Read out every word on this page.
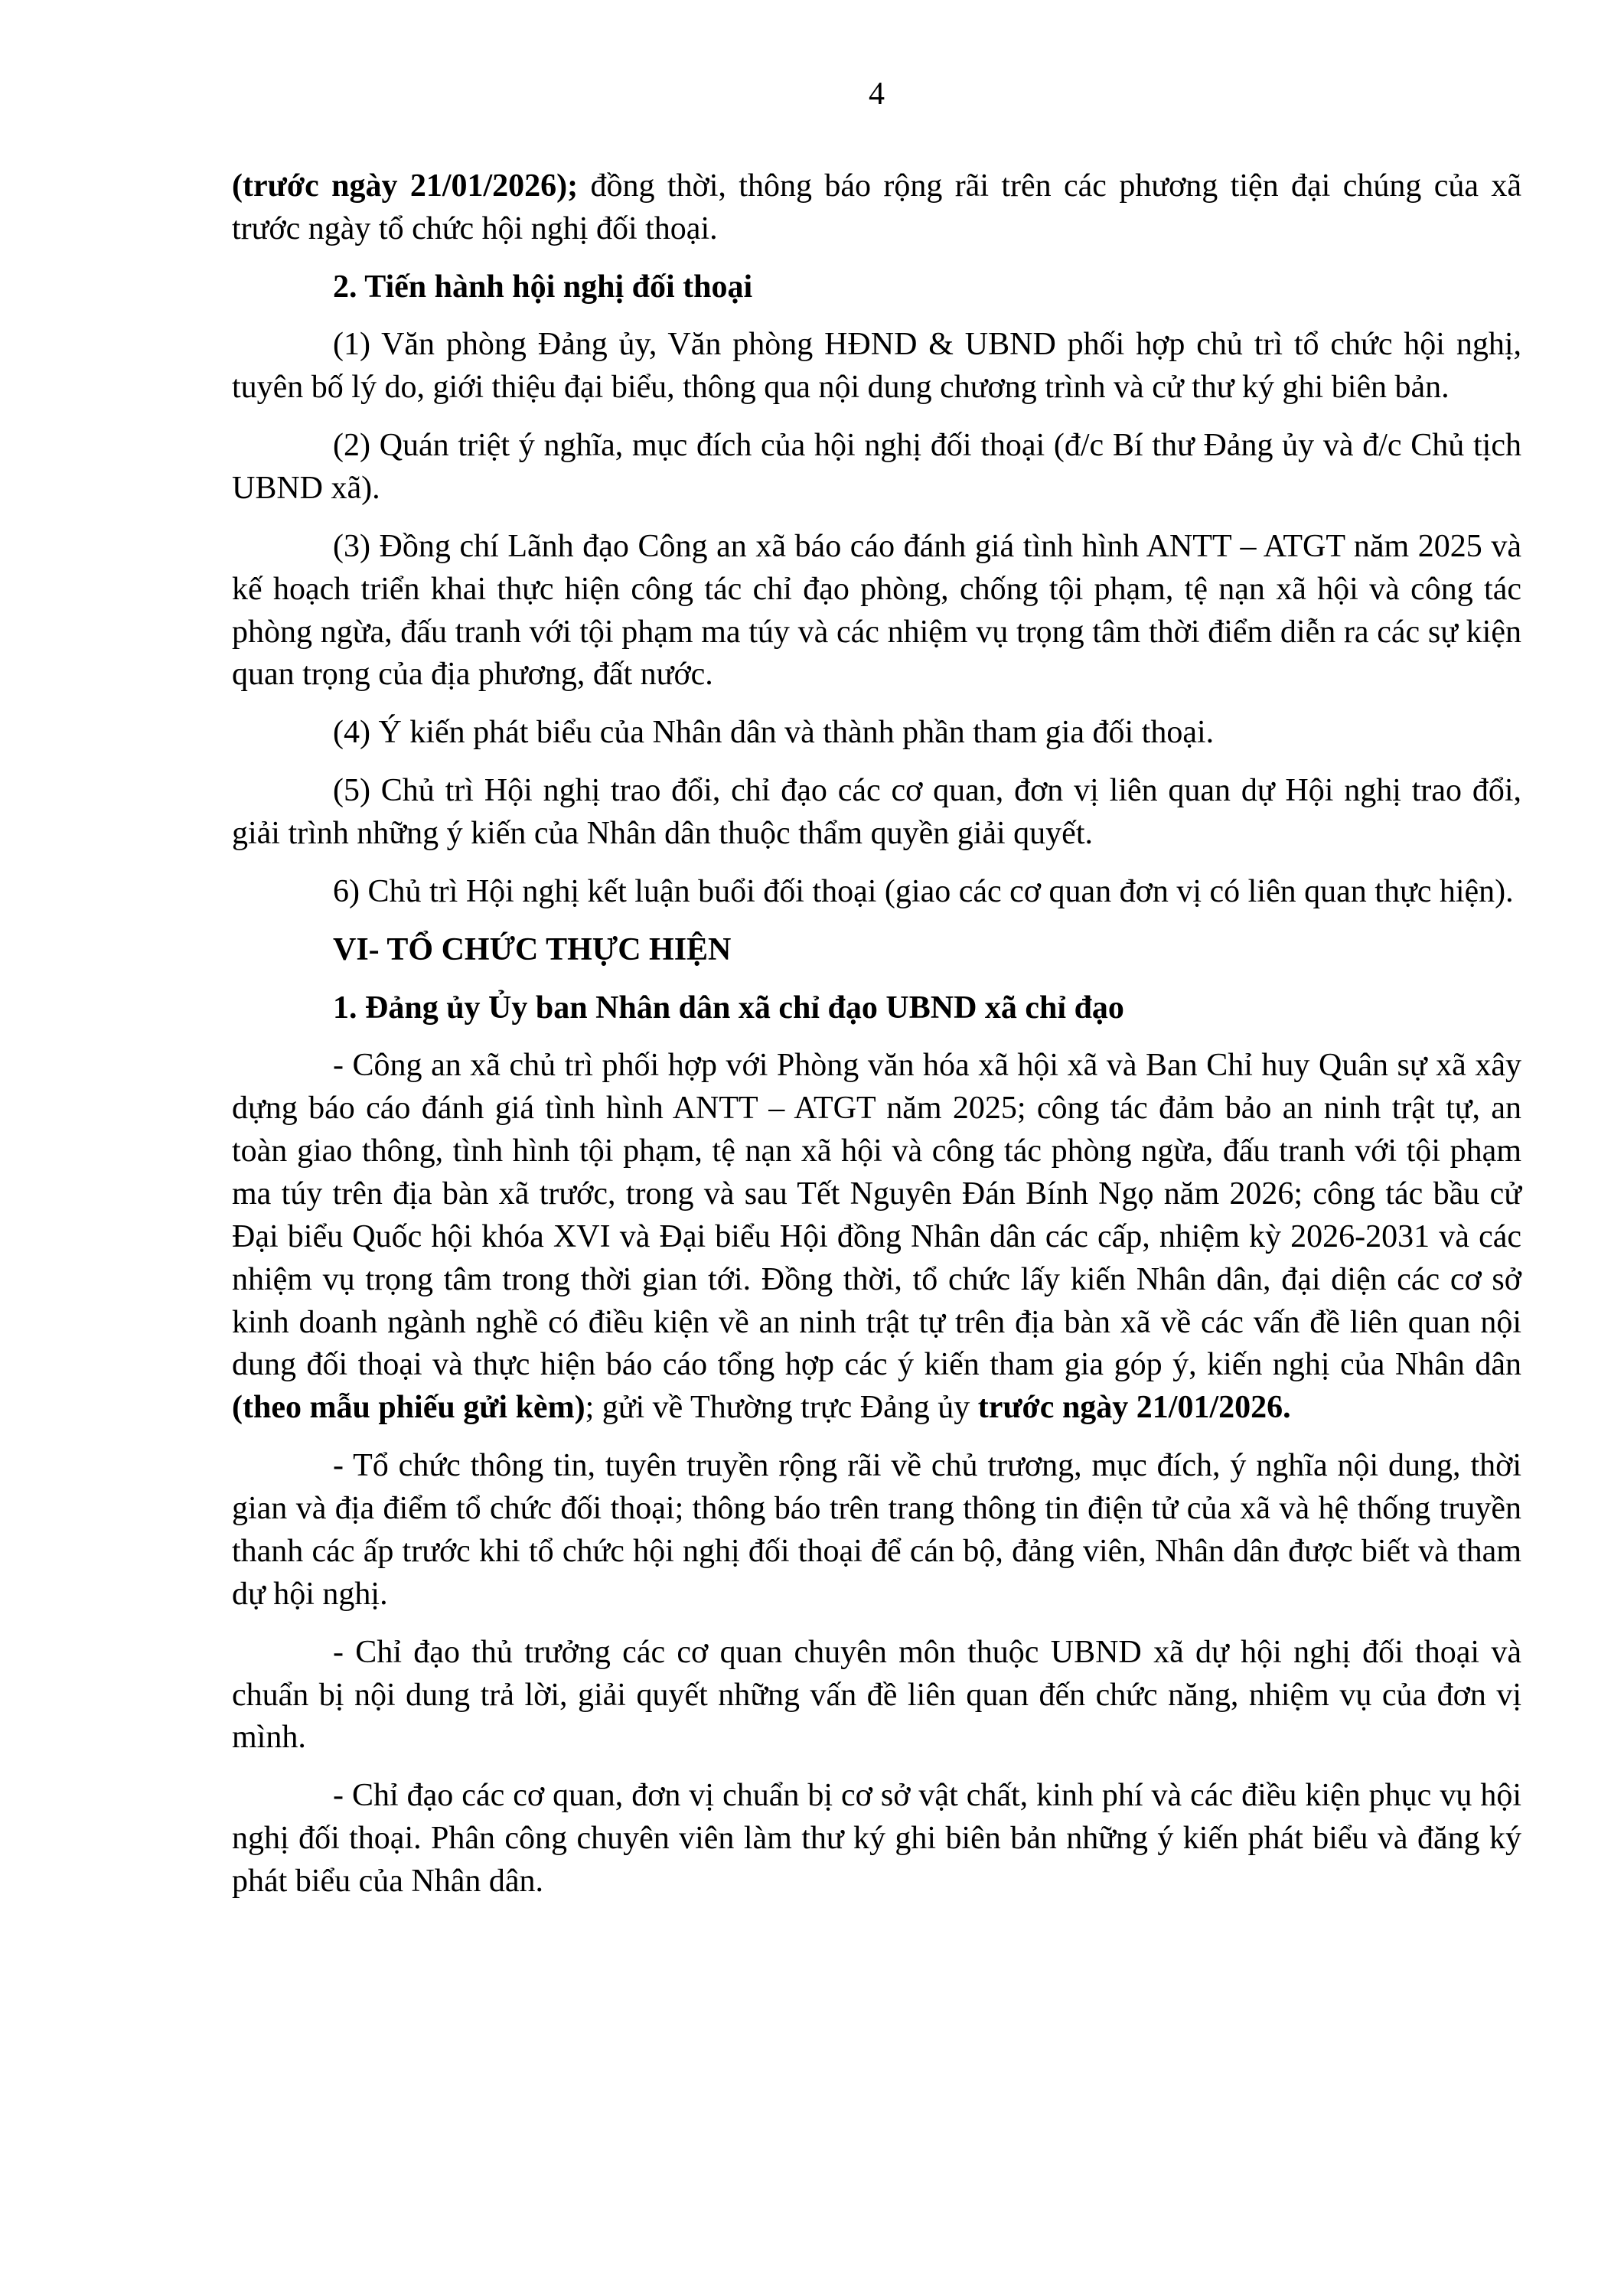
4

(trước ngày 21/01/2026); đồng thời, thông báo rộng rãi trên các phương tiện đại chúng của xã trước ngày tổ chức hội nghị đối thoại.

2. Tiến hành hội nghị đối thoại

(1) Văn phòng Đảng ủy, Văn phòng HĐND & UBND phối hợp chủ trì tổ chức hội nghị, tuyên bố lý do, giới thiệu đại biểu, thông qua nội dung chương trình và cử thư ký ghi biên bản.

(2) Quán triệt ý nghĩa, mục đích của hội nghị đối thoại (đ/c Bí thư Đảng ủy và đ/c Chủ tịch UBND xã).

(3) Đồng chí Lãnh đạo Công an xã báo cáo đánh giá tình hình ANTT – ATGT năm 2025 và kế hoạch triển khai thực hiện công tác chỉ đạo phòng, chống tội phạm, tệ nạn xã hội và công tác phòng ngừa, đấu tranh với tội phạm ma túy và các nhiệm vụ trọng tâm thời điểm diễn ra các sự kiện quan trọng của địa phương, đất nước.

(4) Ý kiến phát biểu của Nhân dân và thành phần tham gia đối thoại.

(5) Chủ trì Hội nghị trao đổi, chỉ đạo các cơ quan, đơn vị liên quan dự Hội nghị trao đổi, giải trình những ý kiến của Nhân dân thuộc thẩm quyền giải quyết.

6) Chủ trì Hội nghị kết luận buổi đối thoại (giao các cơ quan đơn vị có liên quan thực hiện).

VI- TỔ CHỨC THỰC HIỆN

1. Đảng ủy Ủy ban Nhân dân xã chỉ đạo UBND xã chỉ đạo

- Công an xã chủ trì phối hợp với Phòng văn hóa xã hội xã và Ban Chỉ huy Quân sự xã xây dựng báo cáo đánh giá tình hình ANTT – ATGT năm 2025; công tác đảm bảo an ninh trật tự, an toàn giao thông, tình hình tội phạm, tệ nạn xã hội và công tác phòng ngừa, đấu tranh với tội phạm ma túy trên địa bàn xã trước, trong và sau Tết Nguyên Đán Bính Ngọ năm 2026; công tác bầu cử Đại biểu Quốc hội khóa XVI và Đại biểu Hội đồng Nhân dân các cấp, nhiệm kỳ 2026-2031 và các nhiệm vụ trọng tâm trong thời gian tới. Đồng thời, tổ chức lấy kiến Nhân dân, đại diện các cơ sở kinh doanh ngành nghề có điều kiện về an ninh trật tự trên địa bàn xã về các vấn đề liên quan nội dung đối thoại và thực hiện báo cáo tổng hợp các ý kiến tham gia góp ý, kiến nghị của Nhân dân (theo mẫu phiếu gửi kèm); gửi về Thường trực Đảng ủy trước ngày 21/01/2026.

- Tổ chức thông tin, tuyên truyền rộng rãi về chủ trương, mục đích, ý nghĩa nội dung, thời gian và địa điểm tổ chức đối thoại; thông báo trên trang thông tin điện tử của xã và hệ thống truyền thanh các ấp trước khi tổ chức hội nghị đối thoại để cán bộ, đảng viên, Nhân dân được biết và tham dự hội nghị.

- Chỉ đạo thủ trưởng các cơ quan chuyên môn thuộc UBND xã dự hội nghị đối thoại và chuẩn bị nội dung trả lời, giải quyết những vấn đề liên quan đến chức năng, nhiệm vụ của đơn vị mình.

- Chỉ đạo các cơ quan, đơn vị chuẩn bị cơ sở vật chất, kinh phí và các điều kiện phục vụ hội nghị đối thoại. Phân công chuyên viên làm thư ký ghi biên bản những ý kiến phát biểu và đăng ký phát biểu của Nhân dân.
